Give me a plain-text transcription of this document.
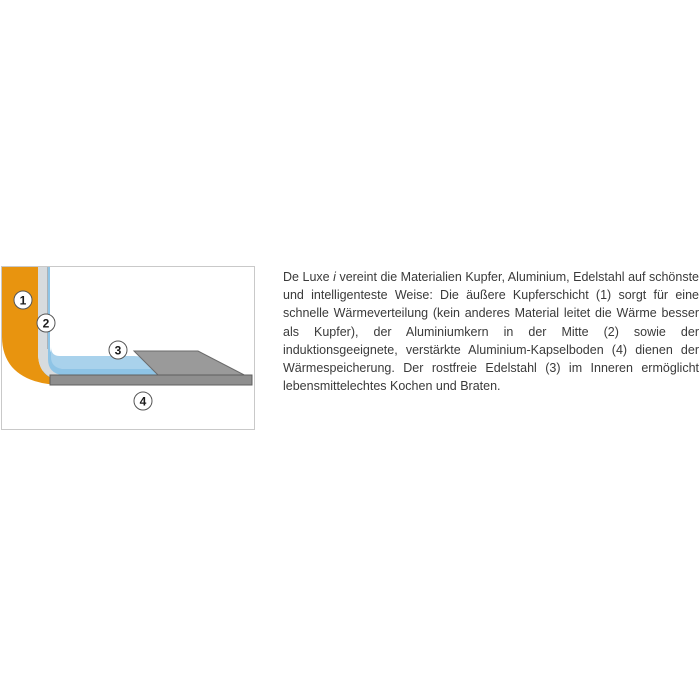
1
2
3
4

De Luxe i vereint die Materialien Kupfer, Aluminium, Edelstahl auf schönste und intelligenteste Weise: Die äußere Kupferschicht (1) sorgt für eine schnelle Wärmeverteilung (kein anderes Material leitet die Wärme besser als Kupfer), der Aluminiumkern in der Mitte (2) sowie der induktionsgeeignete, verstärkte Aluminium-Kapselboden (4) dienen der Wärmespeicherung. Der rostfreie Edelstahl (3) im Inneren ermöglicht lebensmittelechtes Kochen und Braten.
